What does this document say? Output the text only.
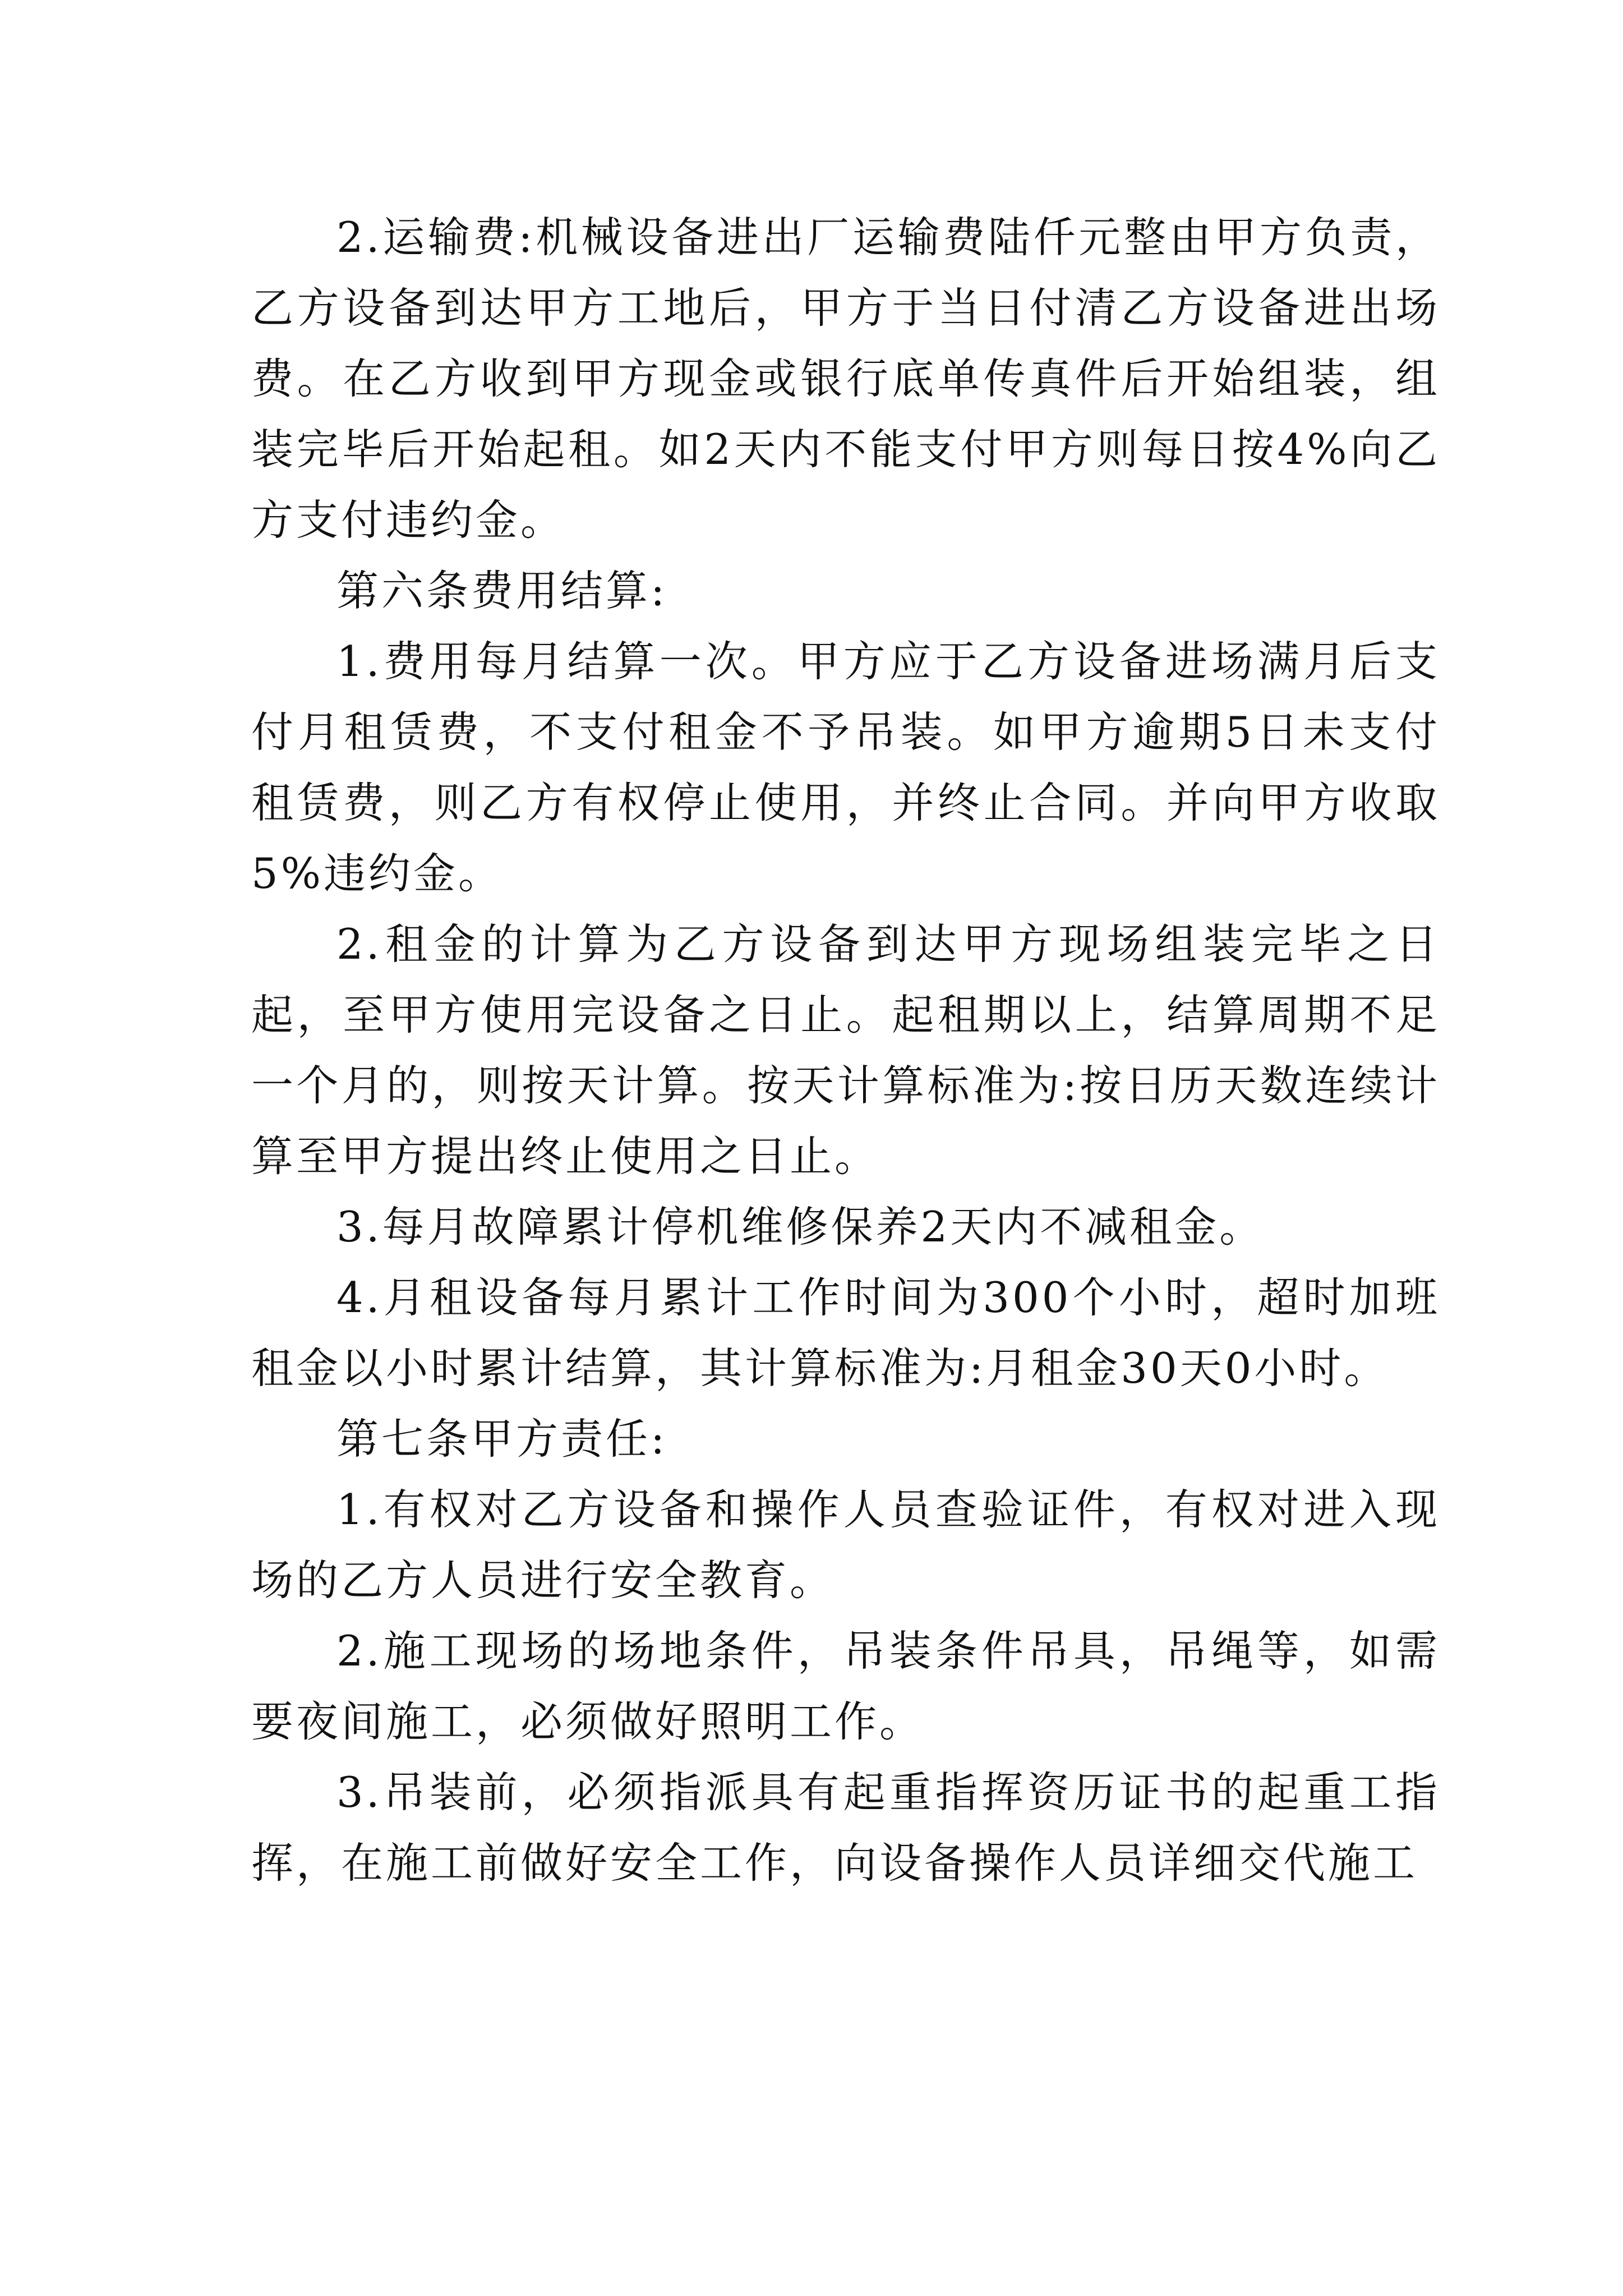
2.运输费:机械设备进出厂运输费陆仟元整由甲方负责，乙方设备到达甲方工地后，甲方于当日付清乙方设备进出场费。在乙方收到甲方现金或银行底单传真件后开始组装，组装完毕后开始起租。如2天内不能支付甲方则每日按4%向乙方支付违约金。

第六条费用结算:

1.费用每月结算一次。甲方应于乙方设备进场满月后支付月租赁费，不支付租金不予吊装。如甲方逾期5日未支付租赁费，则乙方有权停止使用，并终止合同。并向甲方收取5%违约金。

2.租金的计算为乙方设备到达甲方现场组装完毕之日起，至甲方使用完设备之日止。起租期以上，结算周期不足一个月的，则按天计算。按天计算标准为:按日历天数连续计算至甲方提出终止使用之日止。

3.每月故障累计停机维修保养2天内不减租金。

4.月租设备每月累计工作时间为300个小时，超时加班租金以小时累计结算，其计算标准为:月租金30天0小时。

第七条甲方责任:

1.有权对乙方设备和操作人员查验证件，有权对进入现场的乙方人员进行安全教育。

2.施工现场的场地条件，吊装条件吊具，吊绳等，如需要夜间施工，必须做好照明工作。

3.吊装前，必须指派具有起重指挥资历证书的起重工指挥，在施工前做好安全工作，向设备操作人员详细交代施工
